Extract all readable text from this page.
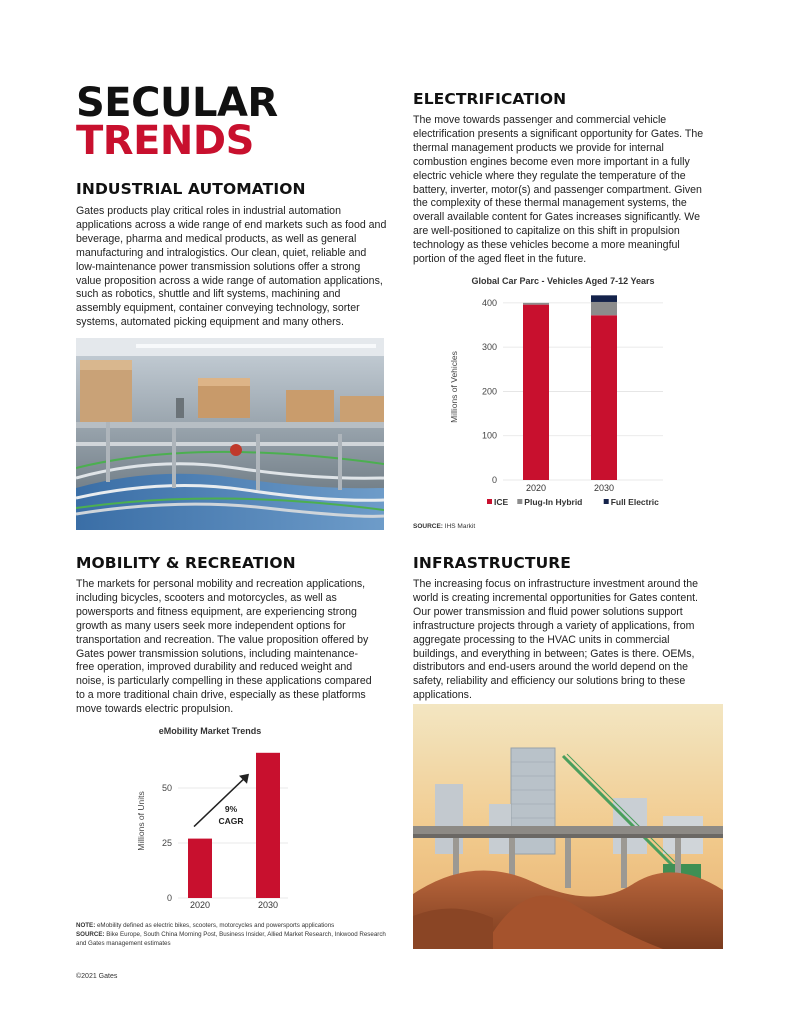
SECULAR
TRENDS
INDUSTRIAL AUTOMATION
Gates products play critical roles in industrial automation applications across a wide range of end markets such as food and beverage, pharma and medical products, as well as general manufacturing and intralogistics. Our clean, quiet, reliable and low-maintenance power transmission solutions offer a strong value proposition across a wide range of automation applications, such as robotics, shuttle and lift systems, machining and assembly equipment, container conveying technology, sorter systems, automated picking equipment and many others.
ELECTRIFICATION
The move towards passenger and commercial vehicle electrification presents a significant opportunity for Gates. The thermal management products we provide for internal combustion engines become even more important in a fully electric vehicle where they regulate the temperature of the battery, inverter, motor(s) and passenger compartment. Given the complexity of these thermal management systems, the overall available content for Gates increases significantly. We are well-positioned to capitalize on this shift in propulsion technology as these vehicles become a more meaningful portion of the aged fleet in the future.
Global Car Parc - Vehicles Aged 7-12 Years
0
100
200
300
400
Millions of Vehicles
2020	2030
ICE Plug-In Hybrid	Full Electric
SOURCE: IHS Markit
MOBILITY & RECREATION
The markets for personal mobility and recreation applications, including bicycles, scooters and motorcycles, as well as powersports and fitness equipment, are experiencing strong growth as many users seek more independent options for transportation and recreation. The value proposition offered by Gates power transmission solutions, including maintenance-free operation, improved durability and reduced weight and noise, is particularly compelling in these applications compared to a more traditional chain drive, especially as these platforms move towards electric propulsion.
eMobility Market Trends
0
25
50
Millions of Units
2020	2030
9%
CAGR
NOTE: eMobility defined as electric bikes, scooters, motorcycles and powersports applications
SOURCE: Bike Europe, South China Morning Post, Business Insider, Allied Market Research, Inkwood Research and Gates management estimates
INFRASTRUCTURE
The increasing focus on infrastructure investment around the world is creating incremental opportunities for Gates content. Our power transmission and fluid power solutions support infrastructure projects through a variety of applications, from aggregate processing to the HVAC units in commercial buildings, and everything in between; Gates is there. OEMs, distributors and end-users around the world depend on the safety, reliability and efficiency our solutions bring to these applications.
©2021 Gates
